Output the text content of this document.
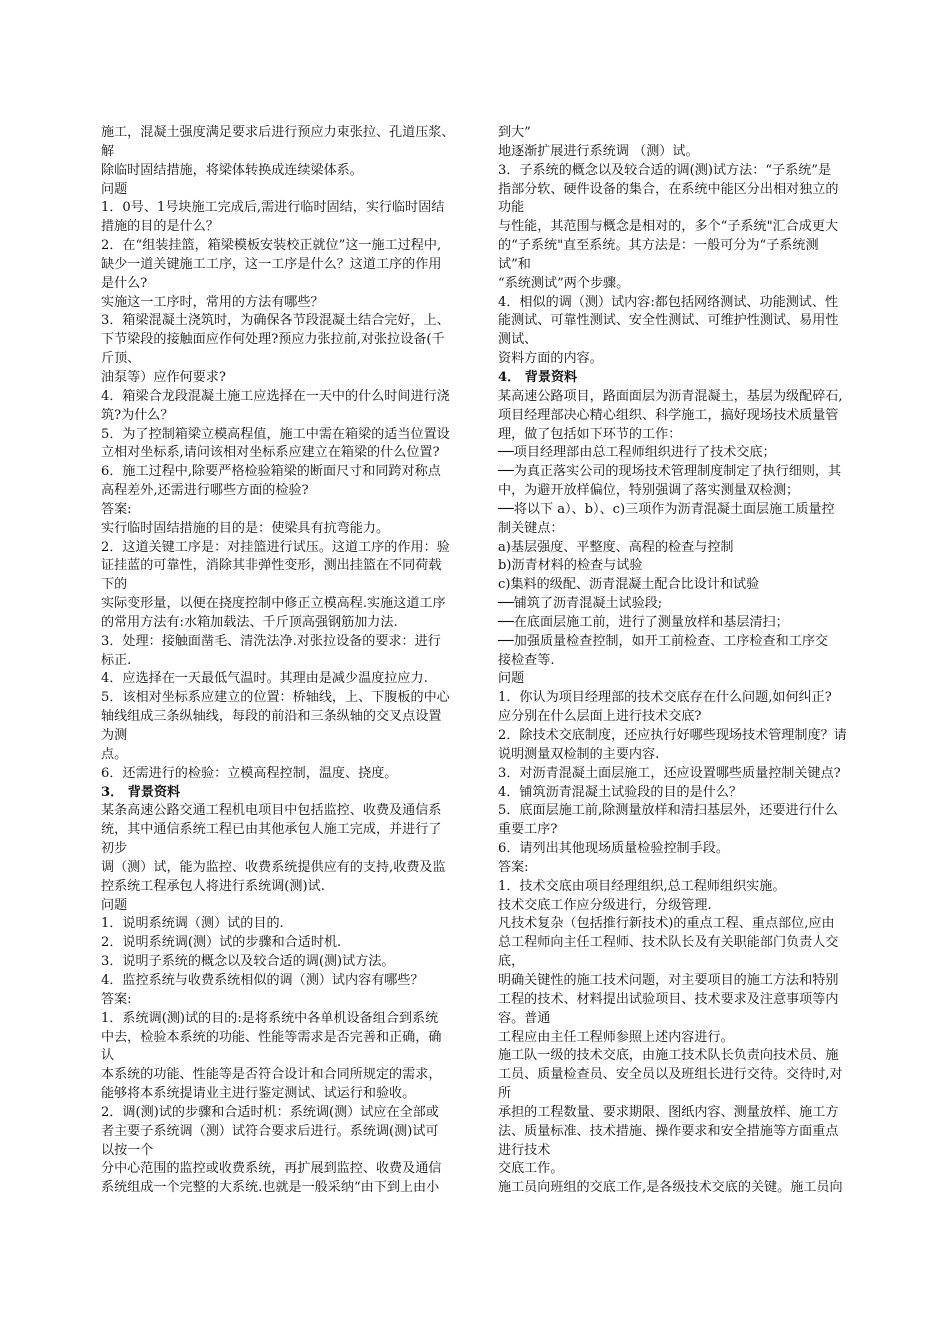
施工，混凝土强度满足要求后进行预应力束张拉、孔道压浆、
解
除临时固结措施，将梁体转换成连续梁体系。
问题
1．0号、1号块施工完成后,需进行临时固结，实行临时固结
措施的目的是什么？
2．在“组装挂篮，箱梁模板安装校正就位”这一施工过程中,
缺少一道关键施工工序，这一工序是什么？这道工序的作用
是什么?
实施这一工序时，常用的方法有哪些？
3．箱梁混凝土浇筑时，为确保各节段混凝土结合完好，上、
下节梁段的接触面应作何处理?预应力张拉前,对张拉设备(千
斤顶、
油泵等）应作何要求?
4．箱梁合龙段混凝土施工应选择在一天中的什么时间进行浇
筑?为什么？
5．为了控制箱梁立模高程值，施工中需在箱梁的适当位置设
立相对坐标系,请问该相对坐标系应建立在箱梁的什么位置?
6．施工过程中,除要严格检验箱梁的断面尺寸和同跨对称点
高程差外,还需进行哪些方面的检验?
答案:
实行临时固结措施的目的是：使梁具有抗弯能力。
2．这道关键工序是：对挂篮进行试压。这道工序的作用：验
证挂蓝的可靠性，消除其非弹性变形，测出挂篮在不同荷载
下的
实际变形量，以便在挠度控制中修正立模高程.实施这道工序
的常用方法有:水箱加载法、千斤顶高强钢筋加力法.
3．处理：接触面凿毛、清洗法净.对张拉设备的要求：进行
标正.
4．应选择在一天最低气温时。其理由是减少温度拉应力.
5．该相对坐标系应建立的位置：桥轴线，上、下腹板的中心
轴线组成三条纵轴线，每段的前沿和三条纵轴的交叉点设置
为测
点。
6．还需进行的检验：立模高程控制，温度、挠度。
3． 背景资料
某条高速公路交通工程机电项目中包括监控、收费及通信系
统，其中通信系统工程已由其他承包人施工完成，并进行了
初步
调（测）试，能为监控、收费系统提供应有的支持,收费及监
控系统工程承包人将进行系统调(测)试.
问题
1．说明系统调（测）试的目的.
2．说明系统调(测）试的步骤和合适时机.
3．说明子系统的概念以及较合适的调(测)试方法。
4．监控系统与收费系统相似的调（测）试内容有哪些？
答案:
1．系统调(测)试的目的:是将系统中各单机设备组合到系统
中去，检验本系统的功能、性能等需求是否完善和正确，确
认
本系统的功能、性能等是否符合设计和合同所规定的需求，
能够将本系统提请业主进行鉴定测试、试运行和验收。
2．调(测)试的步骤和合适时机：系统调(测）试应在全部或
者主要子系统调（测）试符合要求后进行。系统调(测)试可
以按一个
分中心范围的监控或收费系统，再扩展到监控、收费及通信
系统组成一个完整的大系统.也就是一般采纳“由下到上由小
到大”
地逐渐扩展进行系统调 （测）试。
3．子系统的概念以及较合适的调(测)试方法：“子系统”是
指部分软、硬件设备的集合，在系统中能区分出相对独立的
功能
与性能，其范围与概念是相对的，多个“子系统"汇合成更大
的“子系统"直至系统。其方法是：一般可分为“子系统测
试”和
“系统测试”两个步骤。
4．相似的调（测）试内容:都包括网络测试、功能测试、性
能测试、可靠性测试、安全性测试、可维护性测试、易用性
测试、
资料方面的内容。
4． 背景资料
某高速公路项目，路面面层为沥青混凝土，基层为级配碎石,
项目经理部决心精心组织、科学施工，搞好现场技术质量管
理，做了包括如下环节的工作：
──项目经理部由总工程师组织进行了技术交底；
──为真正落实公司的现场技术管理制度制定了执行细则，其
中，为避开放样偏位，特别强调了落实测量双检测；
──将以下 a）、b）、c)三项作为沥青混凝土面层施工质量控
制关键点：
a)基层强度、平整度、高程的检查与控制
b)沥青材料的检查与试验
c)集料的级配、沥青混凝土配合比设计和试验
──铺筑了沥青混凝土试验段;
──在底面层施工前，进行了测量放样和基层清扫；
──加强质量检查控制，如开工前检查、工序检查和工序交
接检查等.
问题
1．你认为项目经理部的技术交底存在什么问题,如何纠正?
应分别在什么层面上进行技术交底?
2．除技术交底制度，还应执行好哪些现场技术管理制度？请
说明测量双检制的主要内容.
3．对沥青混凝土面层施工，还应设置哪些质量控制关键点?
4．铺筑沥青混凝土试验段的目的是什么？
5．底面层施工前,除测量放样和清扫基层外，还要进行什么
重要工序?
6．请列出其他现场质量检验控制手段。
答案:
1．技术交底由项目经理组织,总工程师组织实施。
技术交底工作应分级进行，分级管理.
凡技术复杂（包括推行新技术)的重点工程、重点部位,应由
总工程师向主任工程师、技术队长及有关职能部门负责人交
底，
明确关键性的施工技术问题，对主要项目的施工方法和特别
工程的技术、材料提出试验项目、技术要求及注意事项等内
容。普通
工程应由主任工程师参照上述内容进行。
施工队一级的技术交底，由施工技术队长负责向技术员、施
工员、质量检查员、安全员以及班组长进行交待。交待时,对
所
承担的工程数量、要求期限、图纸内容、测量放样、施工方
法、质量标准、技术措施、操作要求和安全措施等方面重点
进行技术
交底工作。
施工员向班组的交底工作,是各级技术交底的关键。施工员向
